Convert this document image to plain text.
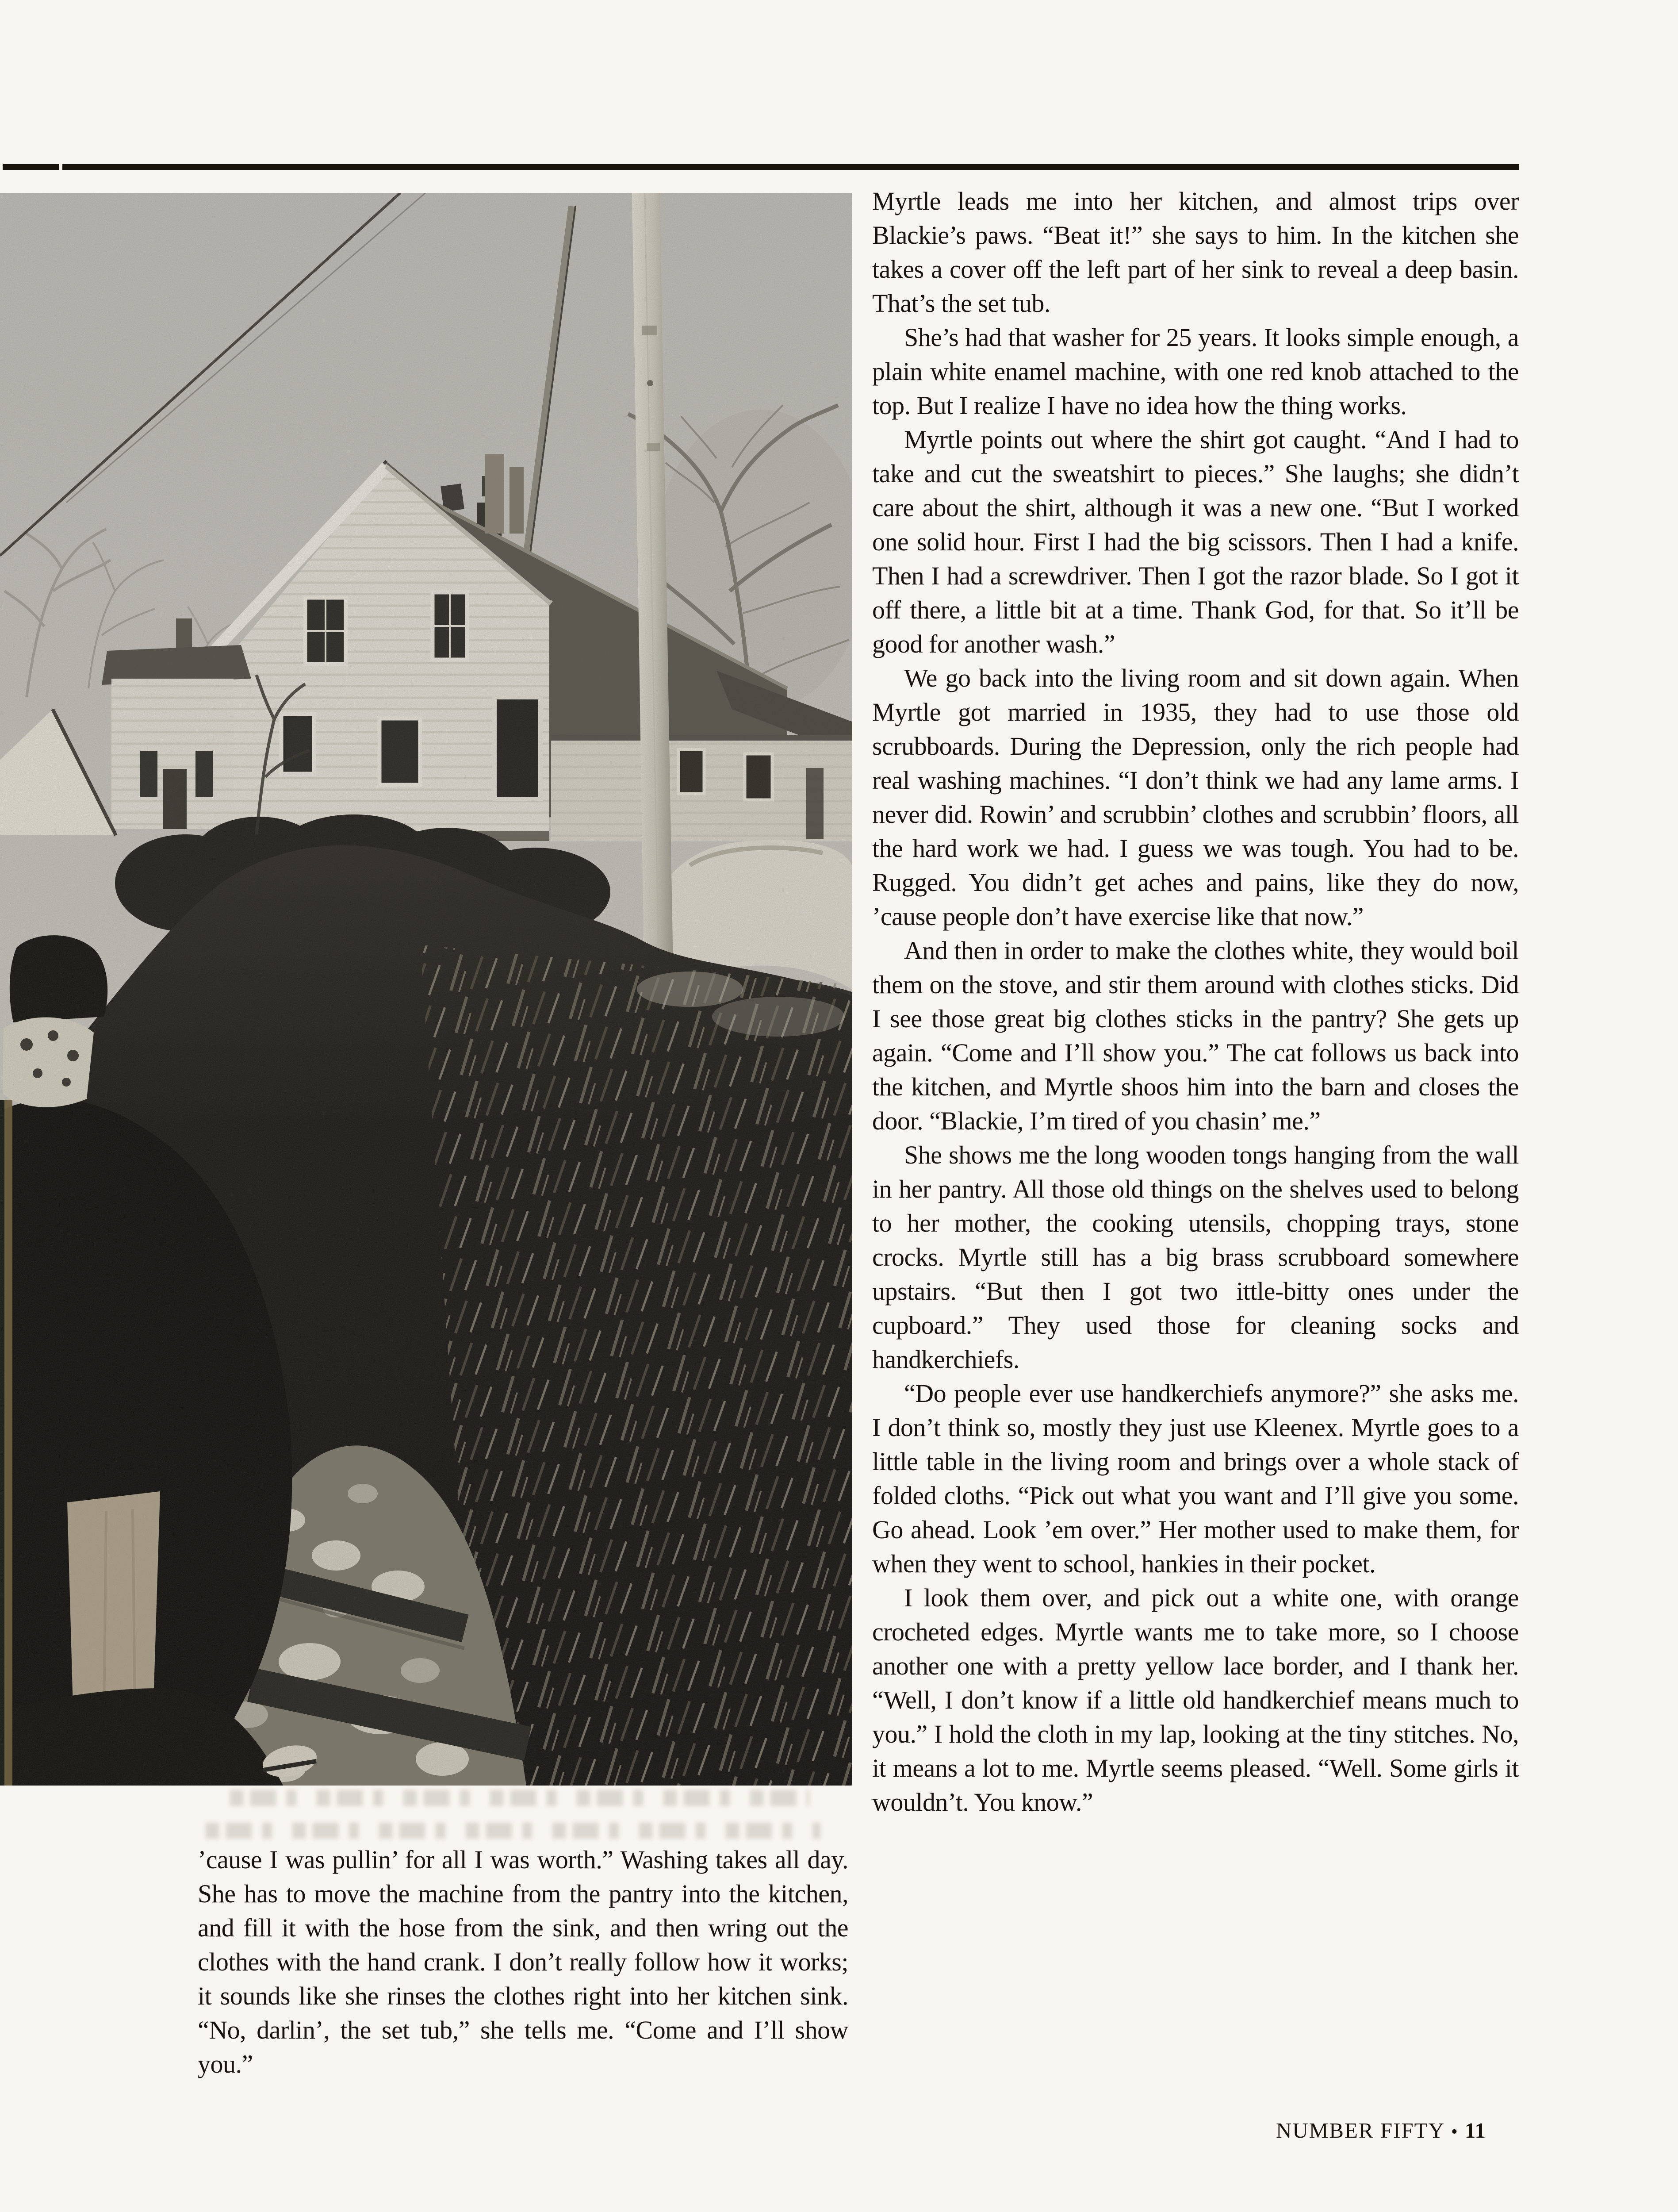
Myrtle leads me into her kitchen, and almost trips over Blackie’s paws. “Beat it!” she says to him. In the kitchen she takes a cover off the left part of her sink to reveal a deep basin. That’s the set tub.

She’s had that washer for 25 years. It looks simple enough, a plain white enamel machine, with one red knob attached to the top. But I realize I have no idea how the thing works.

Myrtle points out where the shirt got caught. “And I had to take and cut the sweatshirt to pieces.” She laughs; she didn’t care about the shirt, although it was a new one. “But I worked one solid hour. First I had the big scissors. Then I had a knife. Then I had a screwdriver. Then I got the razor blade. So I got it off there, a little bit at a time. Thank God, for that. So it’ll be good for another wash.”

We go back into the living room and sit down again. When Myrtle got married in 1935, they had to use those old scrubboards. During the Depression, only the rich people had real washing machines. “I don’t think we had any lame arms. I never did. Rowin’ and scrubbin’ clothes and scrubbin’ floors, all the hard work we had. I guess we was tough. You had to be. Rugged. You didn’t get aches and pains, like they do now, ’cause people don’t have exercise like that now.”

And then in order to make the clothes white, they would boil them on the stove, and stir them around with clothes sticks. Did I see those great big clothes sticks in the pantry? She gets up again. “Come and I’ll show you.” The cat follows us back into the kitchen, and Myrtle shoos him into the barn and closes the door. “Blackie, I’m tired of you chasin’ me.”

She shows me the long wooden tongs hanging from the wall in her pantry. All those old things on the shelves used to belong to her mother, the cooking utensils, chopping trays, stone crocks. Myrtle still has a big brass scrubboard somewhere upstairs. “But then I got two ittle-bitty ones under the cupboard.” They used those for cleaning socks and handkerchiefs.

“Do people ever use handkerchiefs anymore?” she asks me. I don’t think so, mostly they just use Kleenex. Myrtle goes to a little table in the living room and brings over a whole stack of folded cloths. “Pick out what you want and I’ll give you some. Go ahead. Look ’em over.” Her mother used to make them, for when they went to school, hankies in their pocket.

I look them over, and pick out a white one, with orange crocheted edges. Myrtle wants me to take more, so I choose another one with a pretty yellow lace border, and I thank her. “Well, I don’t know if a little old handkerchief means much to you.” I hold the cloth in my lap, looking at the tiny stitches. No, it means a lot to me. Myrtle seems pleased. “Well. Some girls it wouldn’t. You know.”

’cause I was pullin’ for all I was worth.” Washing takes all day. She has to move the machine from the pantry into the kitchen, and fill it with the hose from the sink, and then wring out the clothes with the hand crank. I don’t really follow how it works; it sounds like she rinses the clothes right into her kitchen sink. “No, darlin’, the set tub,” she tells me. “Come and I’ll show you.”

NUMBER FIFTY • 11
